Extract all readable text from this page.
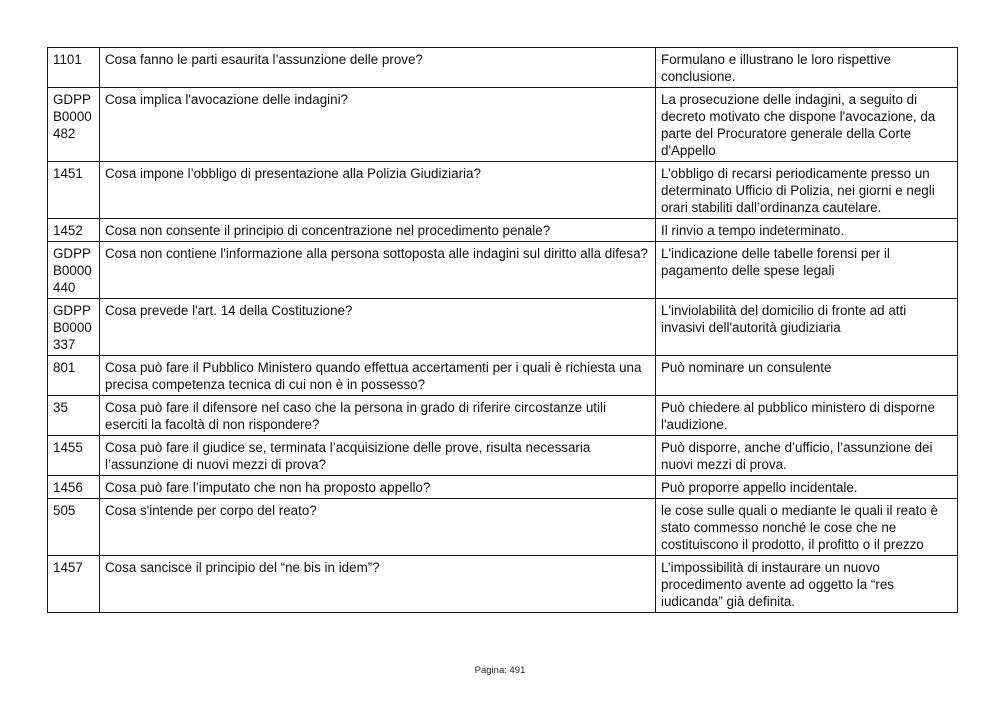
1101	Cosa fanno le parti esaurita l’assunzione delle prove?	Formulano e illustrano le loro rispettive conclusione.
GDPP B0000 482	Cosa implica l'avocazione delle indagini?	La prosecuzione delle indagini, a seguito di decreto motivato che dispone l'avocazione, da parte del Procuratore generale della Corte d'Appello
1451	Cosa impone l’obbligo di presentazione alla Polizia Giudiziaria?	L’obbligo di recarsi periodicamente presso un determinato Ufficio di Polizia, nei giorni e negli orari stabiliti dall’ordinanza cautelare.
1452	Cosa non consente il principio di concentrazione nel procedimento penale?	Il rinvio a tempo indeterminato.
GDPP B0000 440	Cosa non contiene l'informazione alla persona sottoposta alle indagini sul diritto alla difesa?	L'indicazione delle tabelle forensi per il pagamento delle spese legali
GDPP B0000 337	Cosa prevede l'art. 14 della Costituzione?	L'inviolabilità del domicilio di fronte ad atti invasivi dell'autorità giudiziaria
801	Cosa può fare il Pubblico Ministero quando effettua accertamenti per i quali è richiesta una precisa competenza tecnica di cui non è in possesso?	Può nominare un consulente
35	Cosa può fare il difensore nel caso che la persona in grado di riferire circostanze utili eserciti la facoltà di non rispondere?	Può chiedere al pubblico ministero di disporne l'audizione.
1455	Cosa può fare il giudice se, terminata l’acquisizione delle prove, risulta necessaria l’assunzione di nuovi mezzi di prova?	Può disporre, anche d’ufficio, l’assunzione dei nuovi mezzi di prova.
1456	Cosa può fare l’imputato che non ha proposto appello?	Può proporre appello incidentale.
505	Cosa s'intende per corpo del reato?	le cose sulle quali o mediante le quali il reato è stato commesso nonché le cose che ne costituiscono il prodotto, il profitto o il prezzo
1457	Cosa sancisce il principio del “ne bis in idem”?	L’impossibilità di instaurare un nuovo procedimento avente ad oggetto la “res iudicanda” già definita.
Pagina: 491
